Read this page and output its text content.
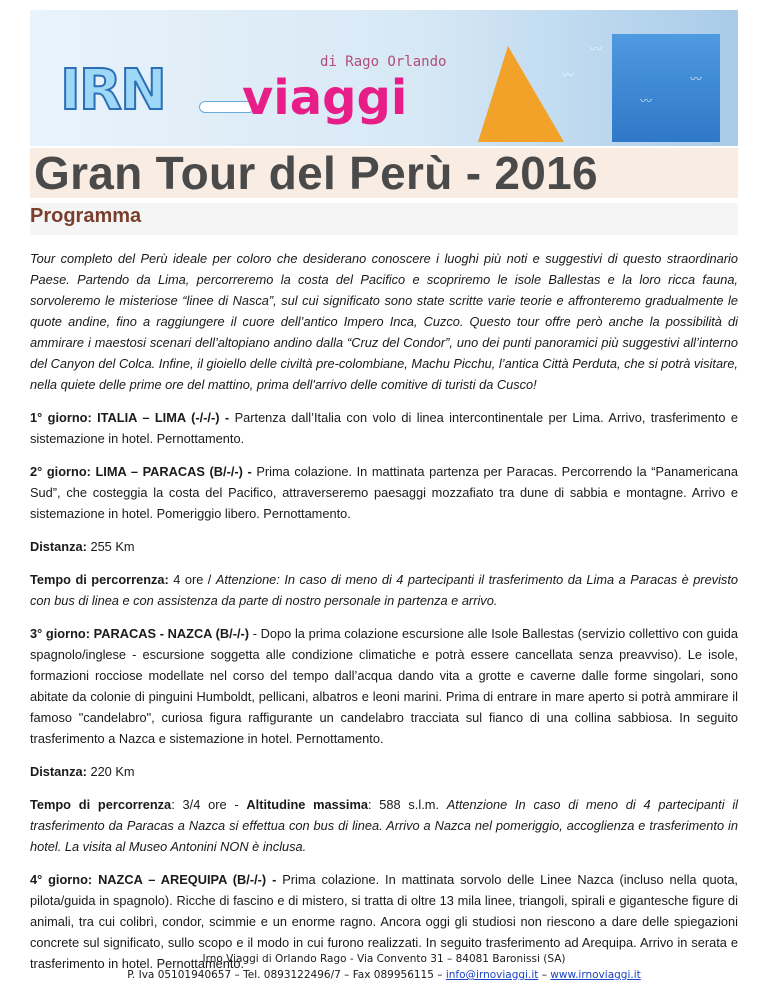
〰
〰
〰
〰
di Rago Orlando
IRN viaggi
Gran Tour del Perù - 2016
Programma

Tour completo del Perù ideale per coloro che desiderano conoscere i luoghi più noti e suggestivi di questo straordinario Paese. Partendo da Lima, percorreremo la costa del Pacifico e scopriremo le isole Ballestas e la loro ricca fauna, sorvoleremo le misteriose “linee di Nasca”, sul cui significato sono state scritte varie teorie e affronteremo gradualmente le quote andine, fino a raggiungere il cuore dell’antico Impero Inca, Cuzco. Questo tour offre però anche la possibilità di ammirare i maestosi scenari dell’altopiano andino dalla “Cruz del Condor”, uno dei punti panoramici più suggestivi all’interno del Canyon del Colca. Infine, il gioiello delle civiltà pre-colombiane, Machu Picchu, l’antica Città Perduta, che si potrà visitare, nella quiete delle prime ore del mattino, prima dell'arrivo delle comitive di turisti da Cusco!

1° giorno: ITALIA – LIMA (-/-/-) - Partenza dall’Italia con volo di linea intercontinentale per Lima. Arrivo, trasferimento e sistemazione in hotel. Pernottamento.

2° giorno: LIMA – PARACAS (B/-/-) - Prima colazione. In mattinata partenza per Paracas. Percorrendo la “Panamericana Sud”, che costeggia la costa del Pacifico, attraverseremo paesaggi mozzafiato tra dune di sabbia e montagne. Arrivo e sistemazione in hotel. Pomeriggio libero. Pernottamento.

Distanza: 255 Km

Tempo di percorrenza: 4 ore / Attenzione: In caso di meno di 4 partecipanti il trasferimento da Lima a Paracas è previsto con bus di linea e con assistenza da parte di nostro personale in partenza e arrivo.

3° giorno: PARACAS - NAZCA (B/-/-) - Dopo la prima colazione escursione alle Isole Ballestas (servizio collettivo con guida spagnolo/inglese - escursione soggetta alle condizione climatiche e potrà essere cancellata senza preavviso). Le isole, formazioni rocciose modellate nel corso del tempo dall’acqua dando vita a grotte e caverne dalle forme singolari, sono abitate da colonie di pinguini Humboldt, pellicani, albatros e leoni marini. Prima di entrare in mare aperto si potrà ammirare il famoso "candelabro", curiosa figura raffigurante un candelabro tracciata sul fianco di una collina sabbiosa. In seguito trasferimento a Nazca e sistemazione in hotel. Pernottamento.

Distanza: 220 Km

Tempo di percorrenza: 3/4 ore - Altitudine massima: 588 s.l.m. Attenzione In caso di meno di 4 partecipanti il trasferimento da Paracas a Nazca si effettua con bus di linea. Arrivo a Nazca nel pomeriggio, accoglienza e trasferimento in hotel. La visita al Museo Antonini NON è inclusa.

4° giorno: NAZCA – AREQUIPA (B/-/-) - Prima colazione. In mattinata sorvolo delle Linee Nazca (incluso nella quota, pilota/guida in spagnolo). Ricche di fascino e di mistero, si tratta di oltre 13 mila linee, triangoli, spirali e gigantesche figure di animali, tra cui colibrì, condor, scimmie e un enorme ragno. Ancora oggi gli studiosi non riescono a dare delle spiegazioni concrete sul significato, sullo scopo e il modo in cui furono realizzati. In seguito trasferimento ad Arequipa. Arrivo in serata e trasferimento in hotel. Pernottamento.

Irno Viaggi di Orlando Rago - Via Convento 31 – 84081 Baronissi (SA)
P. Iva 05101940657 – Tel. 0893122496/7 – Fax 089956115 – info@irnoviaggi.it – www.irnoviaggi.it
